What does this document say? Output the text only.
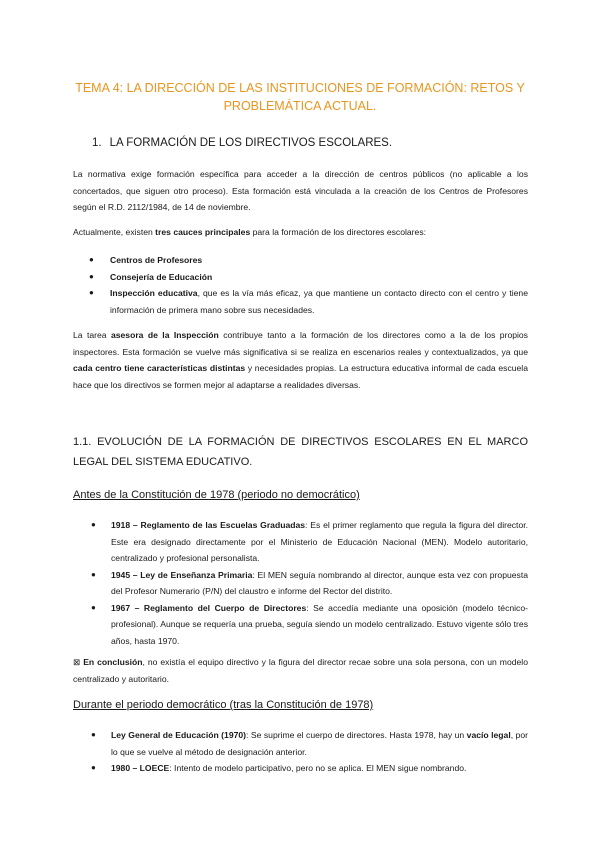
TEMA 4: LA DIRECCIÓN DE LAS INSTITUCIONES DE FORMACIÓN: RETOS Y PROBLEMÁTICA ACTUAL.
1. LA FORMACIÓN DE LOS DIRECTIVOS ESCOLARES.

La normativa exige formación específica para acceder a la dirección de centros públicos (no aplicable a los concertados, que siguen otro proceso). Esta formación está vinculada a la creación de los Centros de Profesores según el R.D. 2112/1984, de 14 de noviembre.

Actualmente, existen tres cauces principales para la formación de los directores escolares:

● Centros de Profesores
● Consejería de Educación
● Inspección educativa, que es la vía más eficaz, ya que mantiene un contacto directo con el centro y tiene información de primera mano sobre sus necesidades.

La tarea asesora de la Inspección contribuye tanto a la formación de los directores como a la de los propios inspectores. Esta formación se vuelve más significativa si se realiza en escenarios reales y contextualizados, ya que cada centro tiene características distintas y necesidades propias. La estructura educativa informal de cada escuela hace que los directivos se formen mejor al adaptarse a realidades diversas.

1.1. EVOLUCIÓN DE LA FORMACIÓN DE DIRECTIVOS ESCOLARES EN EL MARCO LEGAL DEL SISTEMA EDUCATIVO.
Antes de la Constitución de 1978 (periodo no democrático)
● 1918 – Reglamento de las Escuelas Graduadas: Es el primer reglamento que regula la figura del director. Este era designado directamente por el Ministerio de Educación Nacional (MEN). Modelo autoritario, centralizado y profesional personalista.
● 1945 – Ley de Enseñanza Primaria: El MEN seguía nombrando al director, aunque esta vez con propuesta del Profesor Numerario (P/N) del claustro e informe del Rector del distrito.
● 1967 – Reglamento del Cuerpo de Directores: Se accedía mediante una oposición (modelo técnico-profesional). Aunque se requería una prueba, seguía siendo un modelo centralizado. Estuvo vigente sólo tres años, hasta 1970.

⊠ En conclusión, no existía el equipo directivo y la figura del director recae sobre una sola persona, con un modelo centralizado y autoritario.

Durante el periodo democrático (tras la Constitución de 1978)
● Ley General de Educación (1970): Se suprime el cuerpo de directores. Hasta 1978, hay un vacío legal, por lo que se vuelve al método de designación anterior.
● 1980 – LOECE: Intento de modelo participativo, pero no se aplica. El MEN sigue nombrando.
